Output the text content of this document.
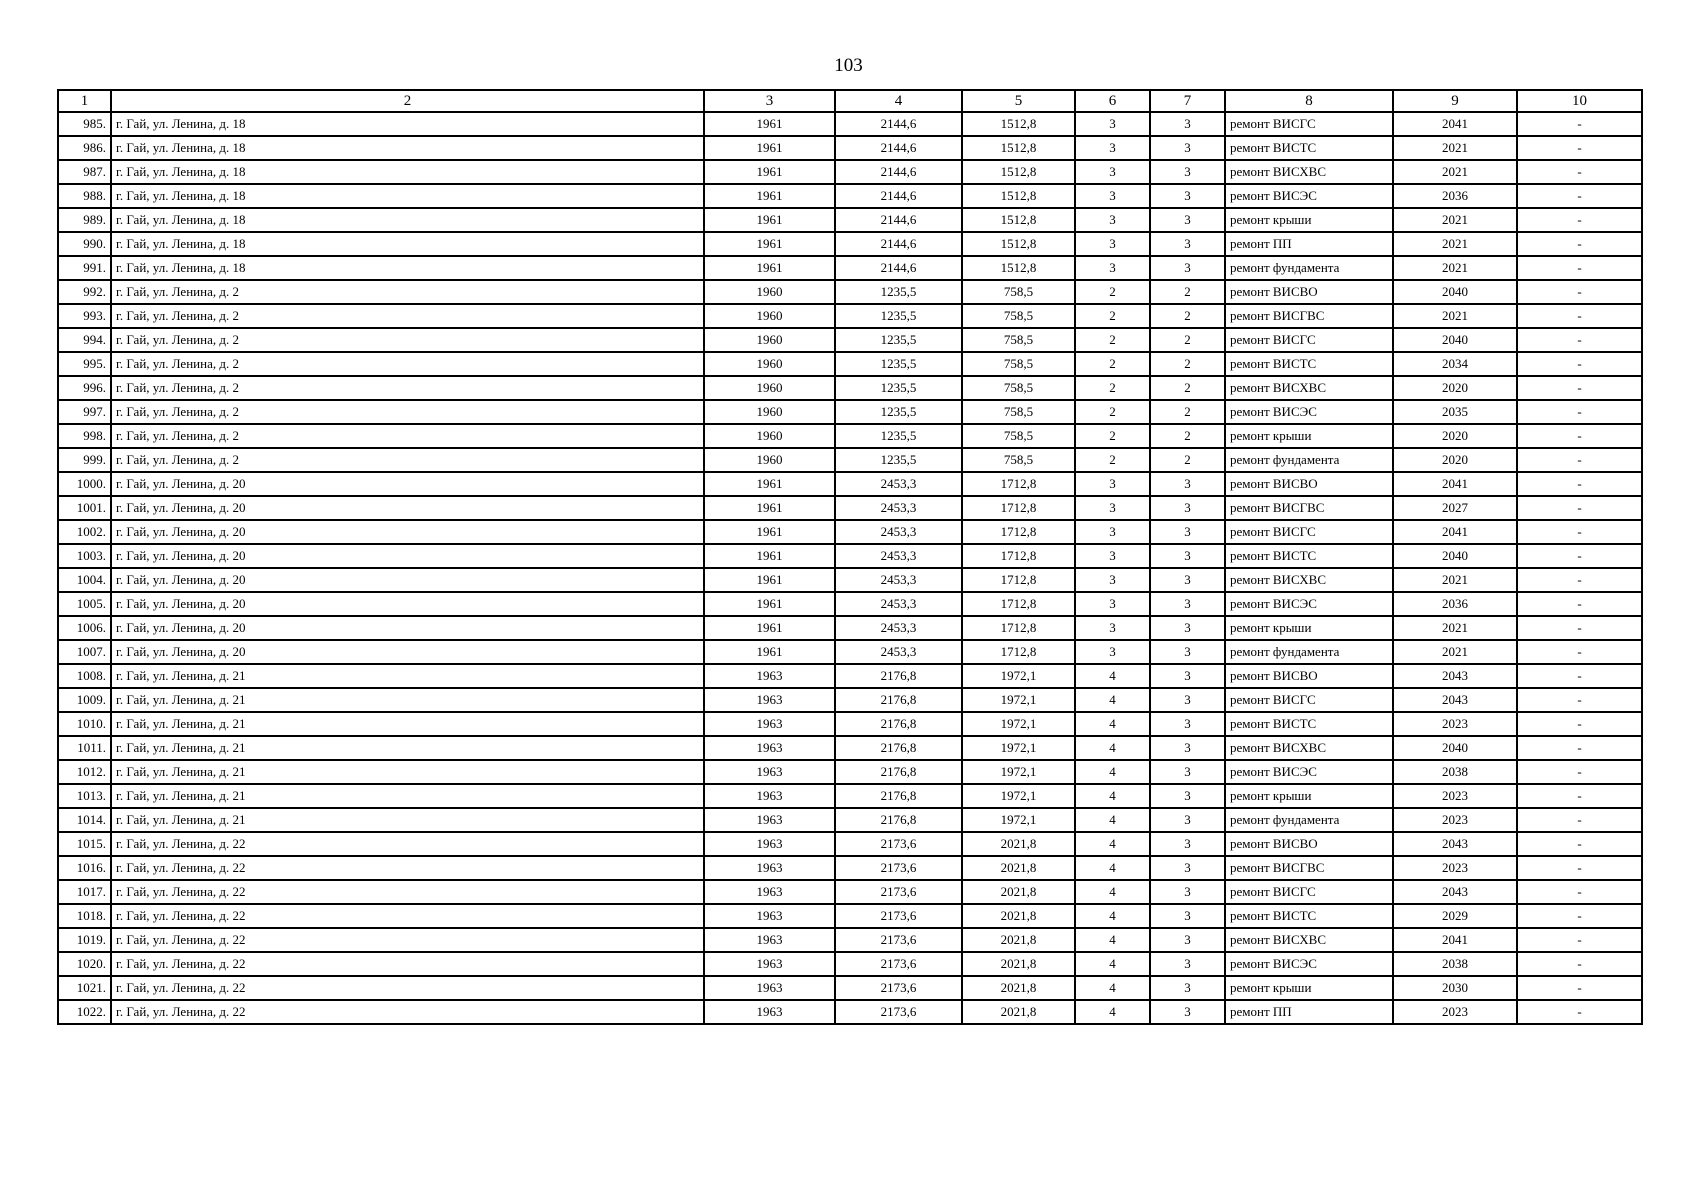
103
1	2	3	4	5	6	7	8	9	10
985.	г. Гай, ул. Ленина, д. 18	1961	2144,6	1512,8	3	3	ремонт ВИСГС	2041	-
986.	г. Гай, ул. Ленина, д. 18	1961	2144,6	1512,8	3	3	ремонт ВИСТС	2021	-
987.	г. Гай, ул. Ленина, д. 18	1961	2144,6	1512,8	3	3	ремонт ВИСХВС	2021	-
988.	г. Гай, ул. Ленина, д. 18	1961	2144,6	1512,8	3	3	ремонт ВИСЭС	2036	-
989.	г. Гай, ул. Ленина, д. 18	1961	2144,6	1512,8	3	3	ремонт крыши	2021	-
990.	г. Гай, ул. Ленина, д. 18	1961	2144,6	1512,8	3	3	ремонт ПП	2021	-
991.	г. Гай, ул. Ленина, д. 18	1961	2144,6	1512,8	3	3	ремонт фундамента	2021	-
992.	г. Гай, ул. Ленина, д. 2	1960	1235,5	758,5	2	2	ремонт ВИСВО	2040	-
993.	г. Гай, ул. Ленина, д. 2	1960	1235,5	758,5	2	2	ремонт ВИСГВС	2021	-
994.	г. Гай, ул. Ленина, д. 2	1960	1235,5	758,5	2	2	ремонт ВИСГС	2040	-
995.	г. Гай, ул. Ленина, д. 2	1960	1235,5	758,5	2	2	ремонт ВИСТС	2034	-
996.	г. Гай, ул. Ленина, д. 2	1960	1235,5	758,5	2	2	ремонт ВИСХВС	2020	-
997.	г. Гай, ул. Ленина, д. 2	1960	1235,5	758,5	2	2	ремонт ВИСЭС	2035	-
998.	г. Гай, ул. Ленина, д. 2	1960	1235,5	758,5	2	2	ремонт крыши	2020	-
999.	г. Гай, ул. Ленина, д. 2	1960	1235,5	758,5	2	2	ремонт фундамента	2020	-
1000.	г. Гай, ул. Ленина, д. 20	1961	2453,3	1712,8	3	3	ремонт ВИСВО	2041	-
1001.	г. Гай, ул. Ленина, д. 20	1961	2453,3	1712,8	3	3	ремонт ВИСГВС	2027	-
1002.	г. Гай, ул. Ленина, д. 20	1961	2453,3	1712,8	3	3	ремонт ВИСГС	2041	-
1003.	г. Гай, ул. Ленина, д. 20	1961	2453,3	1712,8	3	3	ремонт ВИСТС	2040	-
1004.	г. Гай, ул. Ленина, д. 20	1961	2453,3	1712,8	3	3	ремонт ВИСХВС	2021	-
1005.	г. Гай, ул. Ленина, д. 20	1961	2453,3	1712,8	3	3	ремонт ВИСЭС	2036	-
1006.	г. Гай, ул. Ленина, д. 20	1961	2453,3	1712,8	3	3	ремонт крыши	2021	-
1007.	г. Гай, ул. Ленина, д. 20	1961	2453,3	1712,8	3	3	ремонт фундамента	2021	-
1008.	г. Гай, ул. Ленина, д. 21	1963	2176,8	1972,1	4	3	ремонт ВИСВО	2043	-
1009.	г. Гай, ул. Ленина, д. 21	1963	2176,8	1972,1	4	3	ремонт ВИСГС	2043	-
1010.	г. Гай, ул. Ленина, д. 21	1963	2176,8	1972,1	4	3	ремонт ВИСТС	2023	-
1011.	г. Гай, ул. Ленина, д. 21	1963	2176,8	1972,1	4	3	ремонт ВИСХВС	2040	-
1012.	г. Гай, ул. Ленина, д. 21	1963	2176,8	1972,1	4	3	ремонт ВИСЭС	2038	-
1013.	г. Гай, ул. Ленина, д. 21	1963	2176,8	1972,1	4	3	ремонт крыши	2023	-
1014.	г. Гай, ул. Ленина, д. 21	1963	2176,8	1972,1	4	3	ремонт фундамента	2023	-
1015.	г. Гай, ул. Ленина, д. 22	1963	2173,6	2021,8	4	3	ремонт ВИСВО	2043	-
1016.	г. Гай, ул. Ленина, д. 22	1963	2173,6	2021,8	4	3	ремонт ВИСГВС	2023	-
1017.	г. Гай, ул. Ленина, д. 22	1963	2173,6	2021,8	4	3	ремонт ВИСГС	2043	-
1018.	г. Гай, ул. Ленина, д. 22	1963	2173,6	2021,8	4	3	ремонт ВИСТС	2029	-
1019.	г. Гай, ул. Ленина, д. 22	1963	2173,6	2021,8	4	3	ремонт ВИСХВС	2041	-
1020.	г. Гай, ул. Ленина, д. 22	1963	2173,6	2021,8	4	3	ремонт ВИСЭС	2038	-
1021.	г. Гай, ул. Ленина, д. 22	1963	2173,6	2021,8	4	3	ремонт крыши	2030	-
1022.	г. Гай, ул. Ленина, д. 22	1963	2173,6	2021,8	4	3	ремонт ПП	2023	-
